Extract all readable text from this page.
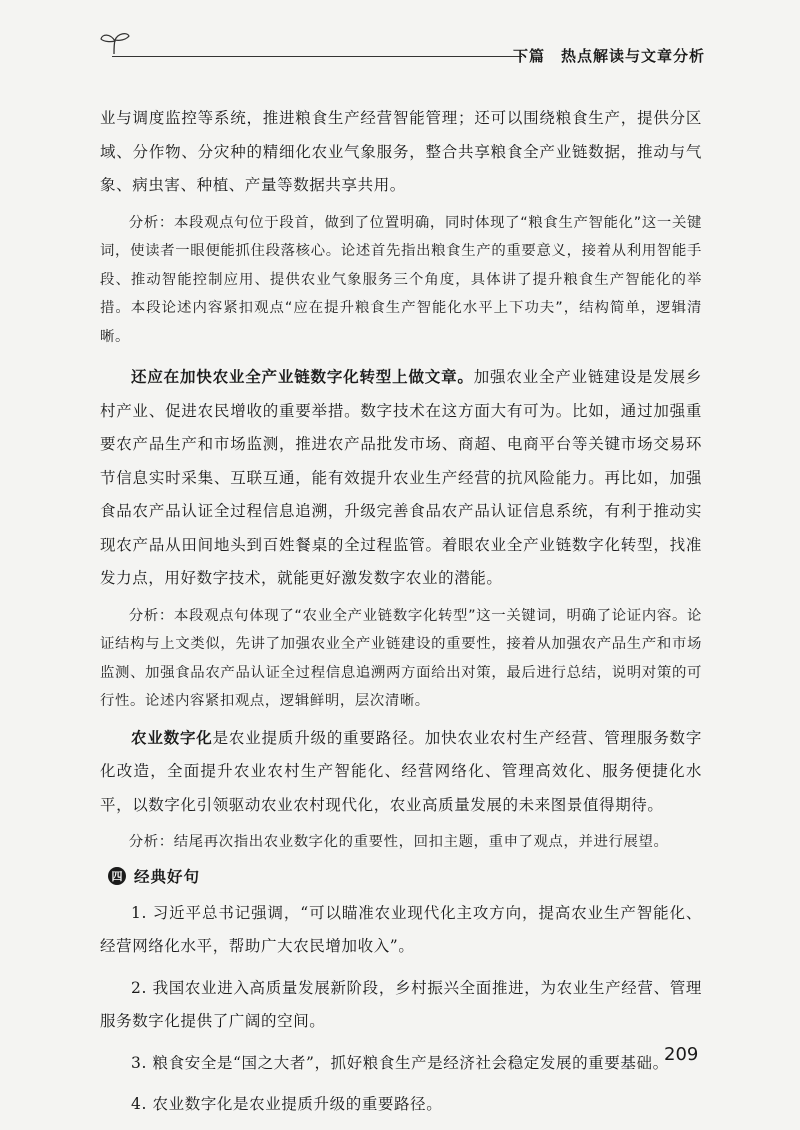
下篇　热点解读与文章分析

业与调度监控等系统，推进粮食生产经营智能管理；还可以围绕粮食生产，提供分区域、分作物、分灾种的精细化农业气象服务，整合共享粮食全产业链数据，推动与气象、病虫害、种植、产量等数据共享共用。

分析：本段观点句位于段首，做到了位置明确，同时体现了“粮食生产智能化”这一关键词，使读者一眼便能抓住段落核心。论述首先指出粮食生产的重要意义，接着从利用智能手段、推动智能控制应用、提供农业气象服务三个角度，具体讲了提升粮食生产智能化的举措。本段论述内容紧扣观点“应在提升粮食生产智能化水平上下功夫”，结构简单，逻辑清晰。

还应在加快农业全产业链数字化转型上做文章。加强农业全产业链建设是发展乡村产业、促进农民增收的重要举措。数字技术在这方面大有可为。比如，通过加强重要农产品生产和市场监测，推进农产品批发市场、商超、电商平台等关键市场交易环节信息实时采集、互联互通，能有效提升农业生产经营的抗风险能力。再比如，加强食品农产品认证全过程信息追溯，升级完善食品农产品认证信息系统，有利于推动实现农产品从田间地头到百姓餐桌的全过程监管。着眼农业全产业链数字化转型，找准发力点，用好数字技术，就能更好激发数字农业的潜能。

分析：本段观点句体现了“农业全产业链数字化转型”这一关键词，明确了论证内容。论证结构与上文类似，先讲了加强农业全产业链建设的重要性，接着从加强农产品生产和市场监测、加强食品农产品认证全过程信息追溯两方面给出对策，最后进行总结，说明对策的可行性。论述内容紧扣观点，逻辑鲜明，层次清晰。

农业数字化是农业提质升级的重要路径。加快农业农村生产经营、管理服务数字化改造，全面提升农业农村生产智能化、经营网络化、管理高效化、服务便捷化水平，以数字化引领驱动农业农村现代化，农业高质量发展的未来图景值得期待。

分析：结尾再次指出农业数字化的重要性，回扣主题，重申了观点，并进行展望。

四 经典好句

1. 习近平总书记强调，“可以瞄准农业现代化主攻方向，提高农业生产智能化、经营网络化水平，帮助广大农民增加收入”。

2. 我国农业进入高质量发展新阶段，乡村振兴全面推进，为农业生产经营、管理服务数字化提供了广阔的空间。

3. 粮食安全是“国之大者”，抓好粮食生产是经济社会稳定发展的重要基础。

4. 农业数字化是农业提质升级的重要路径。

209
